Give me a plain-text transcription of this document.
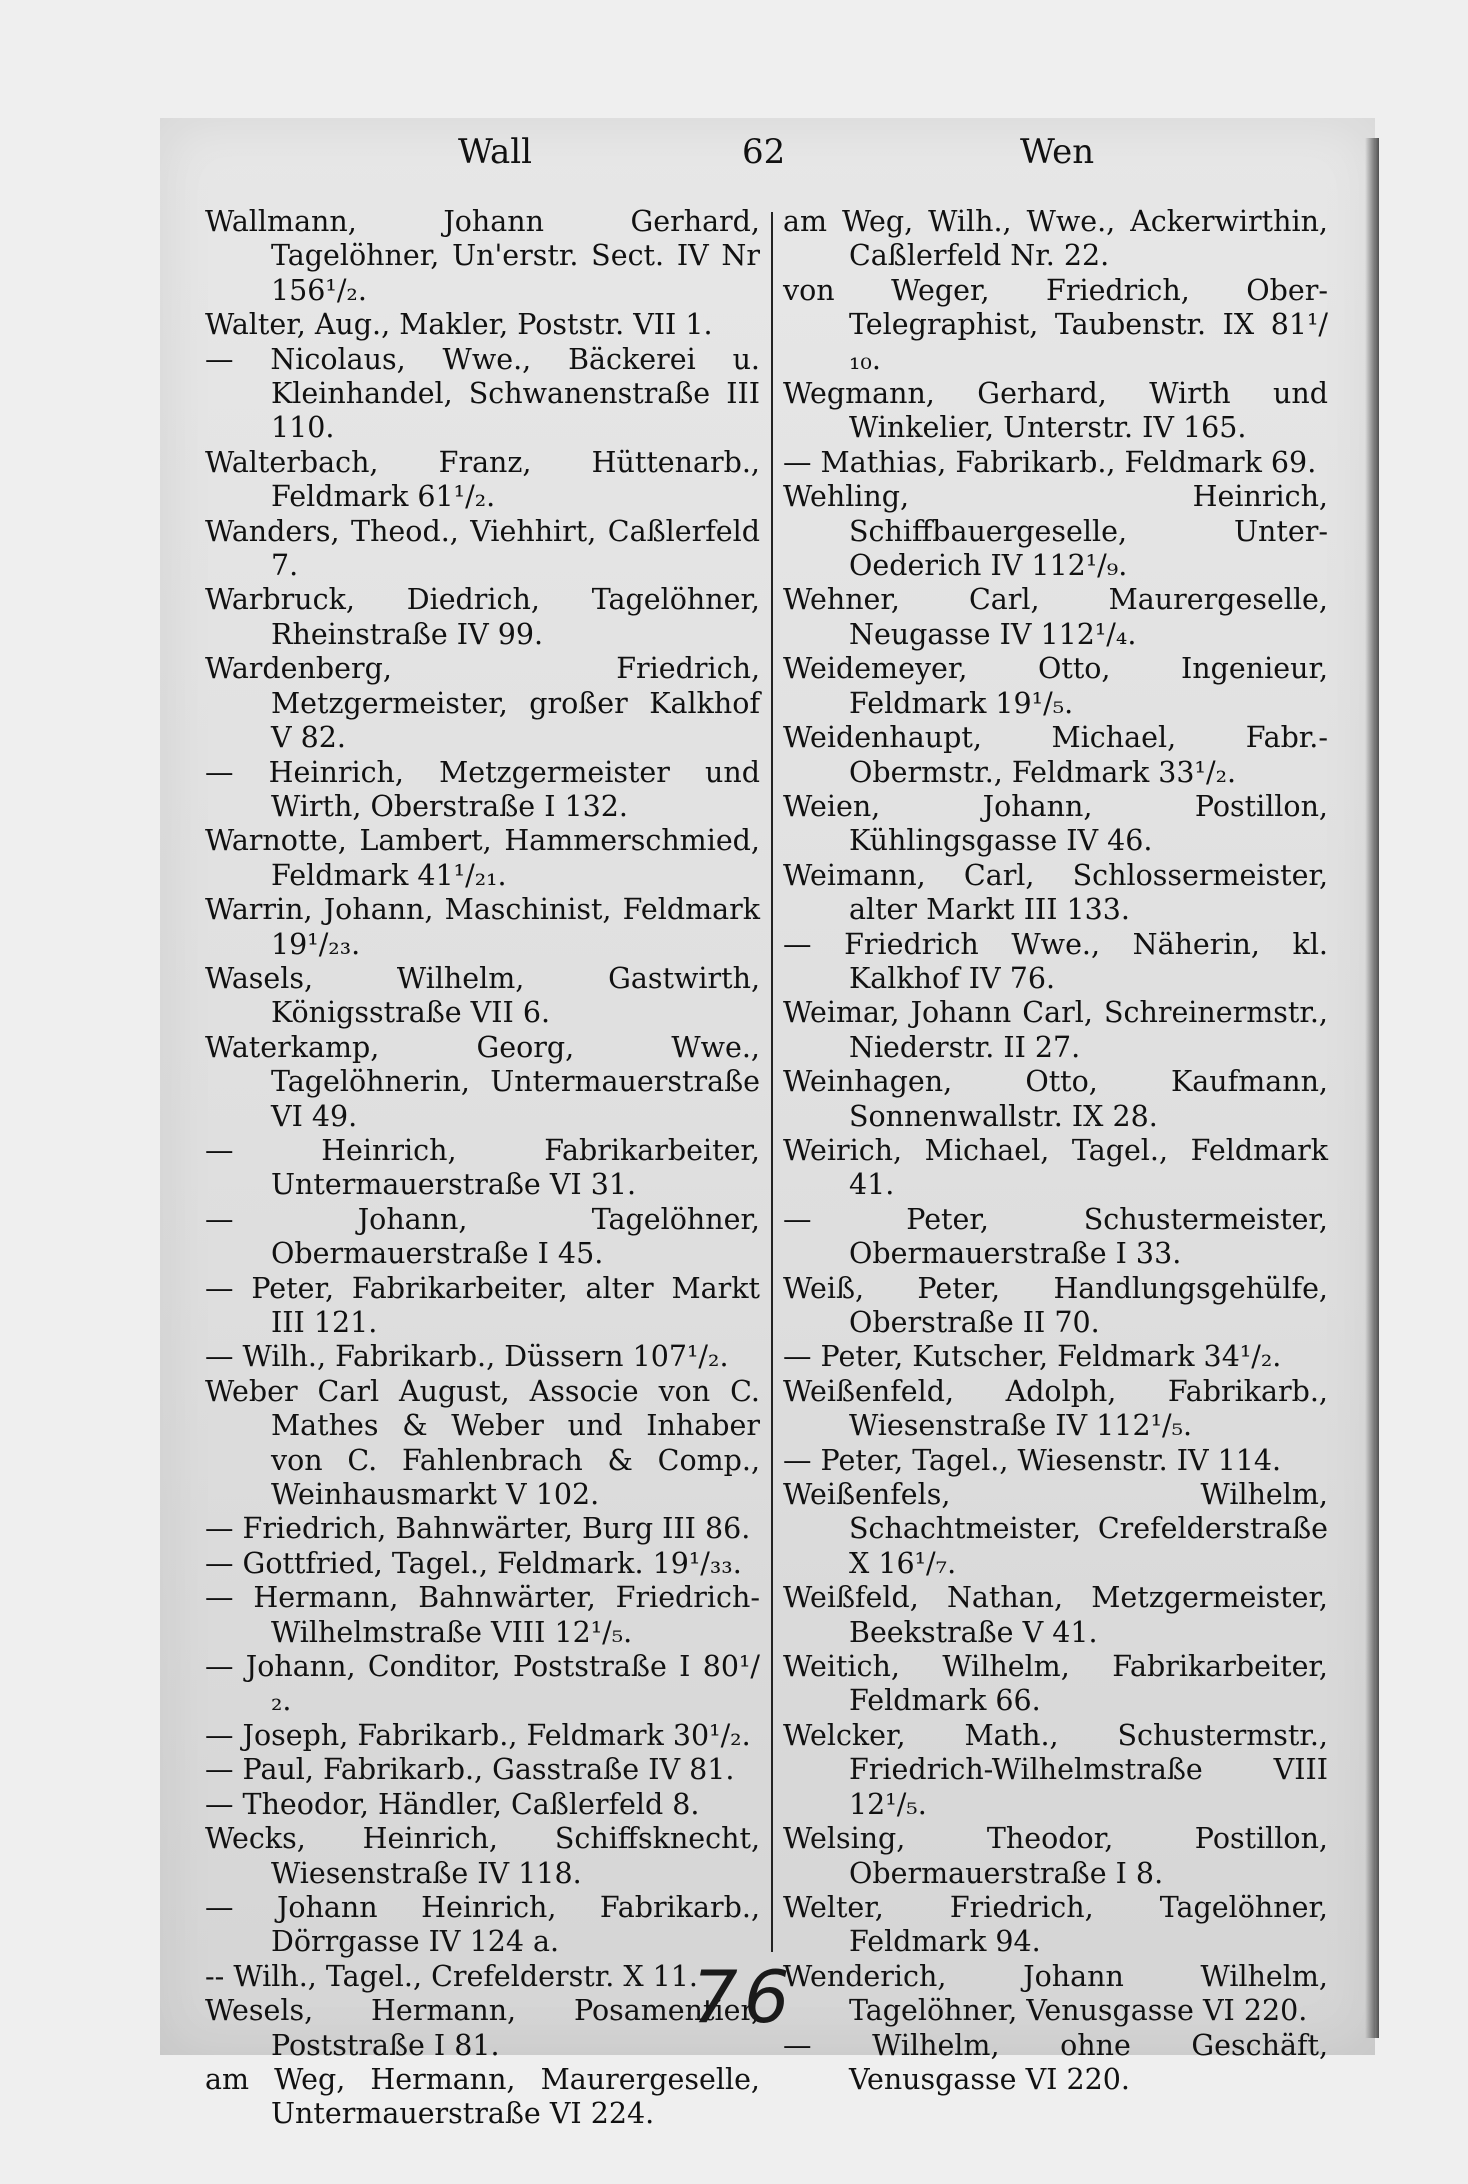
Wall	62	Wen

Wallmann, Johann Gerhard, Tagelöhner, Un'erstr. Sect. IV Nr 156¹/₂.

Walter, Aug., Makler, Poststr. VII 1.

— Nicolaus, Wwe., Bäckerei u. Kleinhandel, Schwanenstraße III 110.

Walterbach, Franz, Hüttenarb., Feldmark 61¹/₂.

Wanders, Theod., Viehhirt, Caßlerfeld 7.

Warbruck, Diedrich, Tagelöhner, Rheinstraße IV 99.

Wardenberg, Friedrich, Metzgermeister, großer Kalkhof V 82.

— Heinrich, Metzgermeister und Wirth, Oberstraße I 132.

Warnotte, Lambert, Hammerschmied, Feldmark 41¹/₂₁.

Warrin, Johann, Maschinist, Feldmark 19¹/₂₃.

Wasels, Wilhelm, Gastwirth, Königsstraße VII 6.

Waterkamp, Georg, Wwe., Tagelöhnerin, Untermauerstraße VI 49.

— Heinrich, Fabrikarbeiter, Untermauerstraße VI 31.

— Johann, Tagelöhner, Obermauerstraße I 45.

— Peter, Fabrikarbeiter, alter Markt III 121.

— Wilh., Fabrikarb., Düssern 107¹/₂.

Weber Carl August, Associe von C. Mathes & Weber und Inhaber von C. Fahlenbrach & Comp., Weinhausmarkt V 102.

— Friedrich, Bahnwärter, Burg III 86.

— Gottfried, Tagel., Feldmark. 19¹/₃₃.

— Hermann, Bahnwärter, Friedrich-Wilhelmstraße VIII 12¹/₅.

— Johann, Conditor, Poststraße I 80¹/₂.

— Joseph, Fabrikarb., Feldmark 30¹/₂.

— Paul, Fabrikarb., Gasstraße IV 81.

— Theodor, Händler, Caßlerfeld 8.

Wecks, Heinrich, Schiffsknecht, Wiesenstraße IV 118.

— Johann Heinrich, Fabrikarb., Dörrgasse IV 124 a.

-- Wilh., Tagel., Crefelderstr. X 11.

Wesels, Hermann, Posamentier, Poststraße I 81.

am Weg, Hermann, Maurergeselle, Untermauerstraße VI 224.

am Weg, Wilh., Wwe., Ackerwirthin, Caßlerfeld Nr. 22.

von Weger, Friedrich, Ober-Telegraphist, Taubenstr. IX 81¹/₁₀.

Wegmann, Gerhard, Wirth und Winkelier, Unterstr. IV 165.

— Mathias, Fabrikarb., Feldmark 69.

Wehling, Heinrich, Schiffbauergeselle, Unter-Oederich IV 112¹/₉.

Wehner, Carl, Maurergeselle, Neugasse IV 112¹/₄.

Weidemeyer, Otto, Ingenieur, Feldmark 19¹/₅.

Weidenhaupt, Michael, Fabr.-Obermstr., Feldmark 33¹/₂.

Weien, Johann, Postillon, Kühlingsgasse IV 46.

Weimann, Carl, Schlossermeister, alter Markt III 133.

— Friedrich Wwe., Näherin, kl. Kalkhof IV 76.

Weimar, Johann Carl, Schreinermstr., Niederstr. II 27.

Weinhagen, Otto, Kaufmann, Sonnenwallstr. IX 28.

Weirich, Michael, Tagel., Feldmark 41.

— Peter, Schustermeister, Obermauerstraße I 33.

Weiß, Peter, Handlungsgehülfe, Oberstraße II 70.

— Peter, Kutscher, Feldmark 34¹/₂.

Weißenfeld, Adolph, Fabrikarb., Wiesenstraße IV 112¹/₅.

— Peter, Tagel., Wiesenstr. IV 114.

Weißenfels, Wilhelm, Schachtmeister, Crefelderstraße X 16¹/₇.

Weißfeld, Nathan, Metzgermeister, Beekstraße V 41.

Weitich, Wilhelm, Fabrikarbeiter, Feldmark 66.

Welcker, Math., Schustermstr., Friedrich-Wilhelmstraße VIII 12¹/₅.

Welsing, Theodor, Postillon, Obermauerstraße I 8.

Welter, Friedrich, Tagelöhner, Feldmark 94.

Wenderich, Johann Wilhelm, Tagelöhner, Venusgasse VI 220.

— Wilhelm, ohne Geschäft, Venusgasse VI 220.

76
